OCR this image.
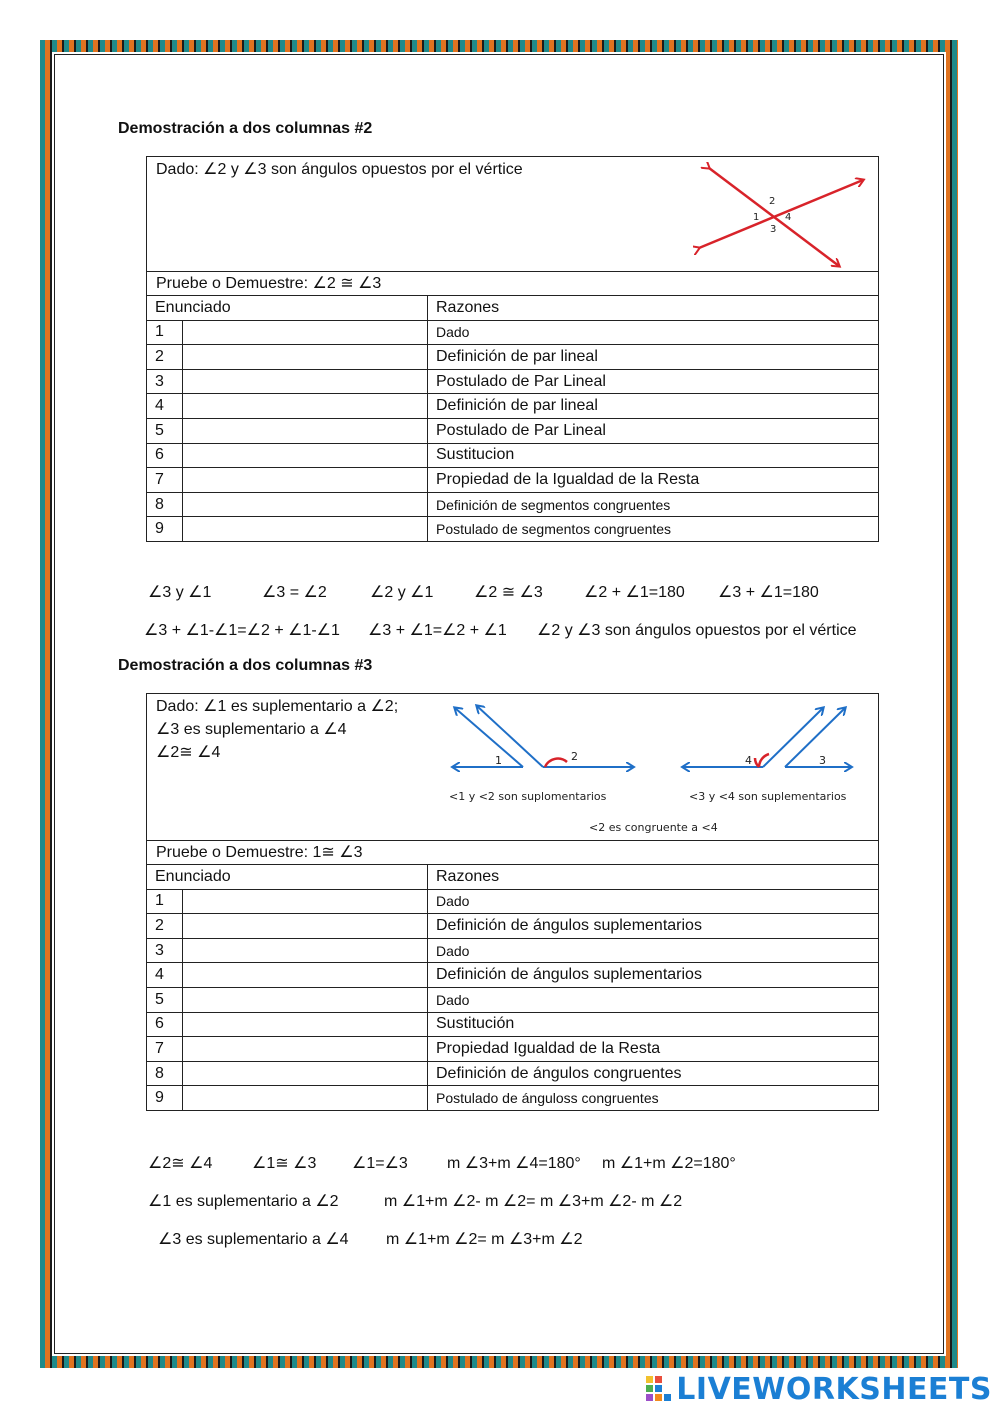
Demostración a dos columnas #2
Dado: ∠2 y ∠3 son ángulos opuestos por el vértice
2
1	4
3
Pruebe o Demuestre: ∠2 ≅ ∠3
Enunciado		Razones
1		Dado
2		Definición de par lineal
3		Postulado de Par Lineal
4		Definición de par lineal
5		Postulado de Par Lineal
6		Sustitucion
7		Propiedad de la Igualdad de la Resta
8		Definición de segmentos congruentes
9		Postulado de segmentos congruentes
∠3 y ∠1	∠3 = ∠2	∠2 y ∠1	∠2 ≅ ∠3	∠2 + ∠1=180 ∠3 + ∠1=180
∠3 + ∠1-∠1=∠2 + ∠1-∠1 ∠3 + ∠1=∠2 + ∠1 ∠2 y ∠3 son ángulos opuestos por el vértice
Demostración a dos columnas #3
Dado: ∠1 es suplementario a ∠2;
∠3 es suplementario a ∠4
∠2≅ ∠4	1	2	4	3
<1 y <2 son suplomentarios	<3 y <4 son suplementarios
<2 es congruente a <4
Pruebe o Demuestre: 1≅ ∠3
Enunciado		Razones
1		Dado
2		Definición de ángulos suplementarios
3		Dado
4		Definición de ángulos suplementarios
5		Dado
6		Sustitución
7		Propiedad Igualdad de la Resta
8		Definición de ángulos congruentes
9		Postulado de ánguloss congruentes
∠2≅ ∠4 ∠1≅ ∠3 ∠1=∠3 m ∠3+m ∠4=180° m ∠1+m ∠2=180°
∠1 es suplementario a ∠2	m ∠1+m ∠2- m ∠2= m ∠3+m ∠2- m ∠2
∠3 es suplementario a ∠4 m ∠1+m ∠2= m ∠3+m ∠2
LIVEWORKSHEETS
